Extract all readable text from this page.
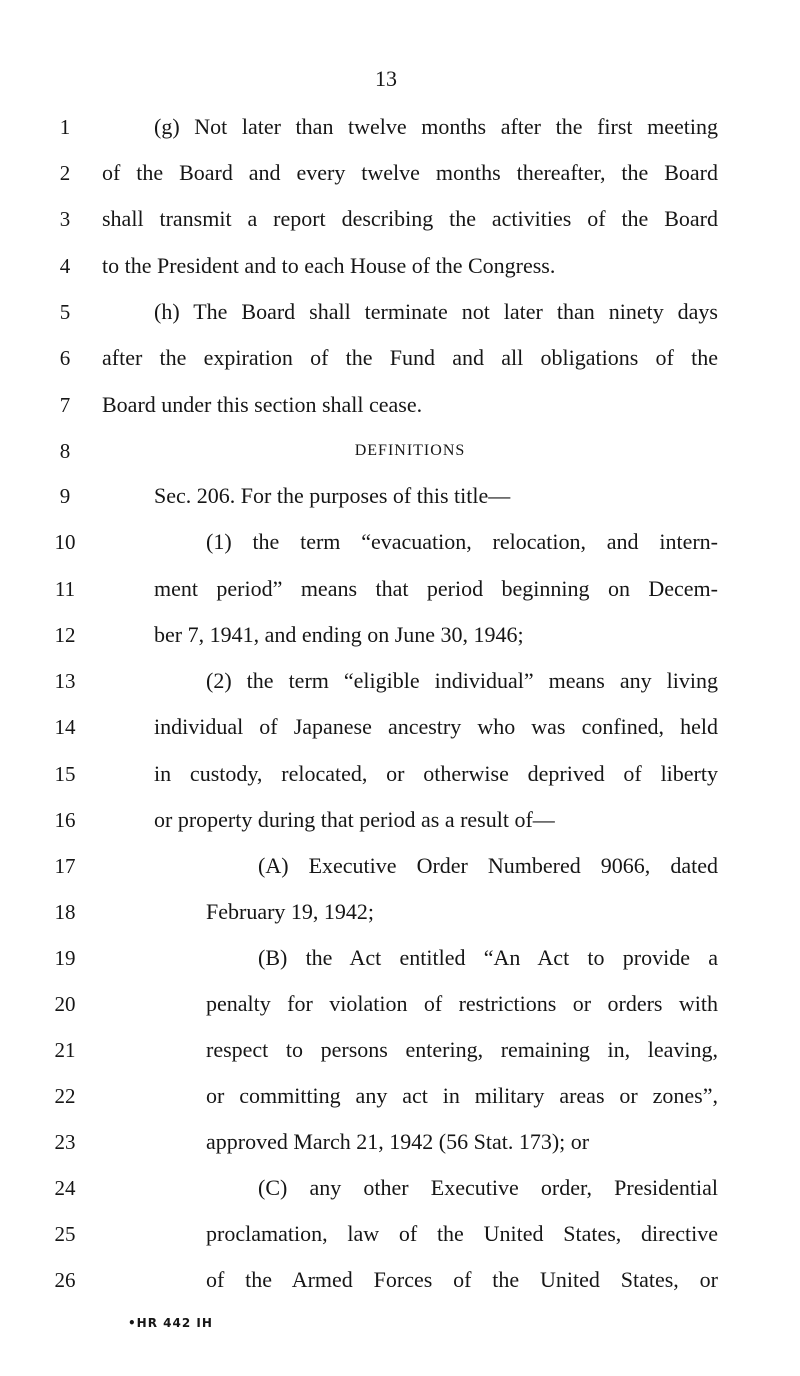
13
1	(g) Not later than twelve months after the first meeting
2	of the Board and every twelve months thereafter, the Board
3	shall transmit a report describing the activities of the Board
4	to the President and to each House of the Congress.
5	(h) The Board shall terminate not later than ninety days
6	after the expiration of the Fund and all obligations of the
7	Board under this section shall cease.
8	DEFINITIONS
9	Sec. 206. For the purposes of this title—
10	(1) the term “evacuation, relocation, and intern-
11	ment period” means that period beginning on Decem-
12	ber 7, 1941, and ending on June 30, 1946;
13	(2) the term “eligible individual” means any living
14	individual of Japanese ancestry who was confined, held
15	in custody, relocated, or otherwise deprived of liberty
16	or property during that period as a result of—
17	(A) Executive Order Numbered 9066, dated
18	February 19, 1942;
19	(B) the Act entitled “An Act to provide a
20	penalty for violation of restrictions or orders with
21	respect to persons entering, remaining in, leaving,
22	or committing any act in military areas or zones”,
23	approved March 21, 1942 (56 Stat. 173); or
24	(C) any other Executive order, Presidential
25	proclamation, law of the United States, directive
26	of the Armed Forces of the United States, or
•HR 442 IH
